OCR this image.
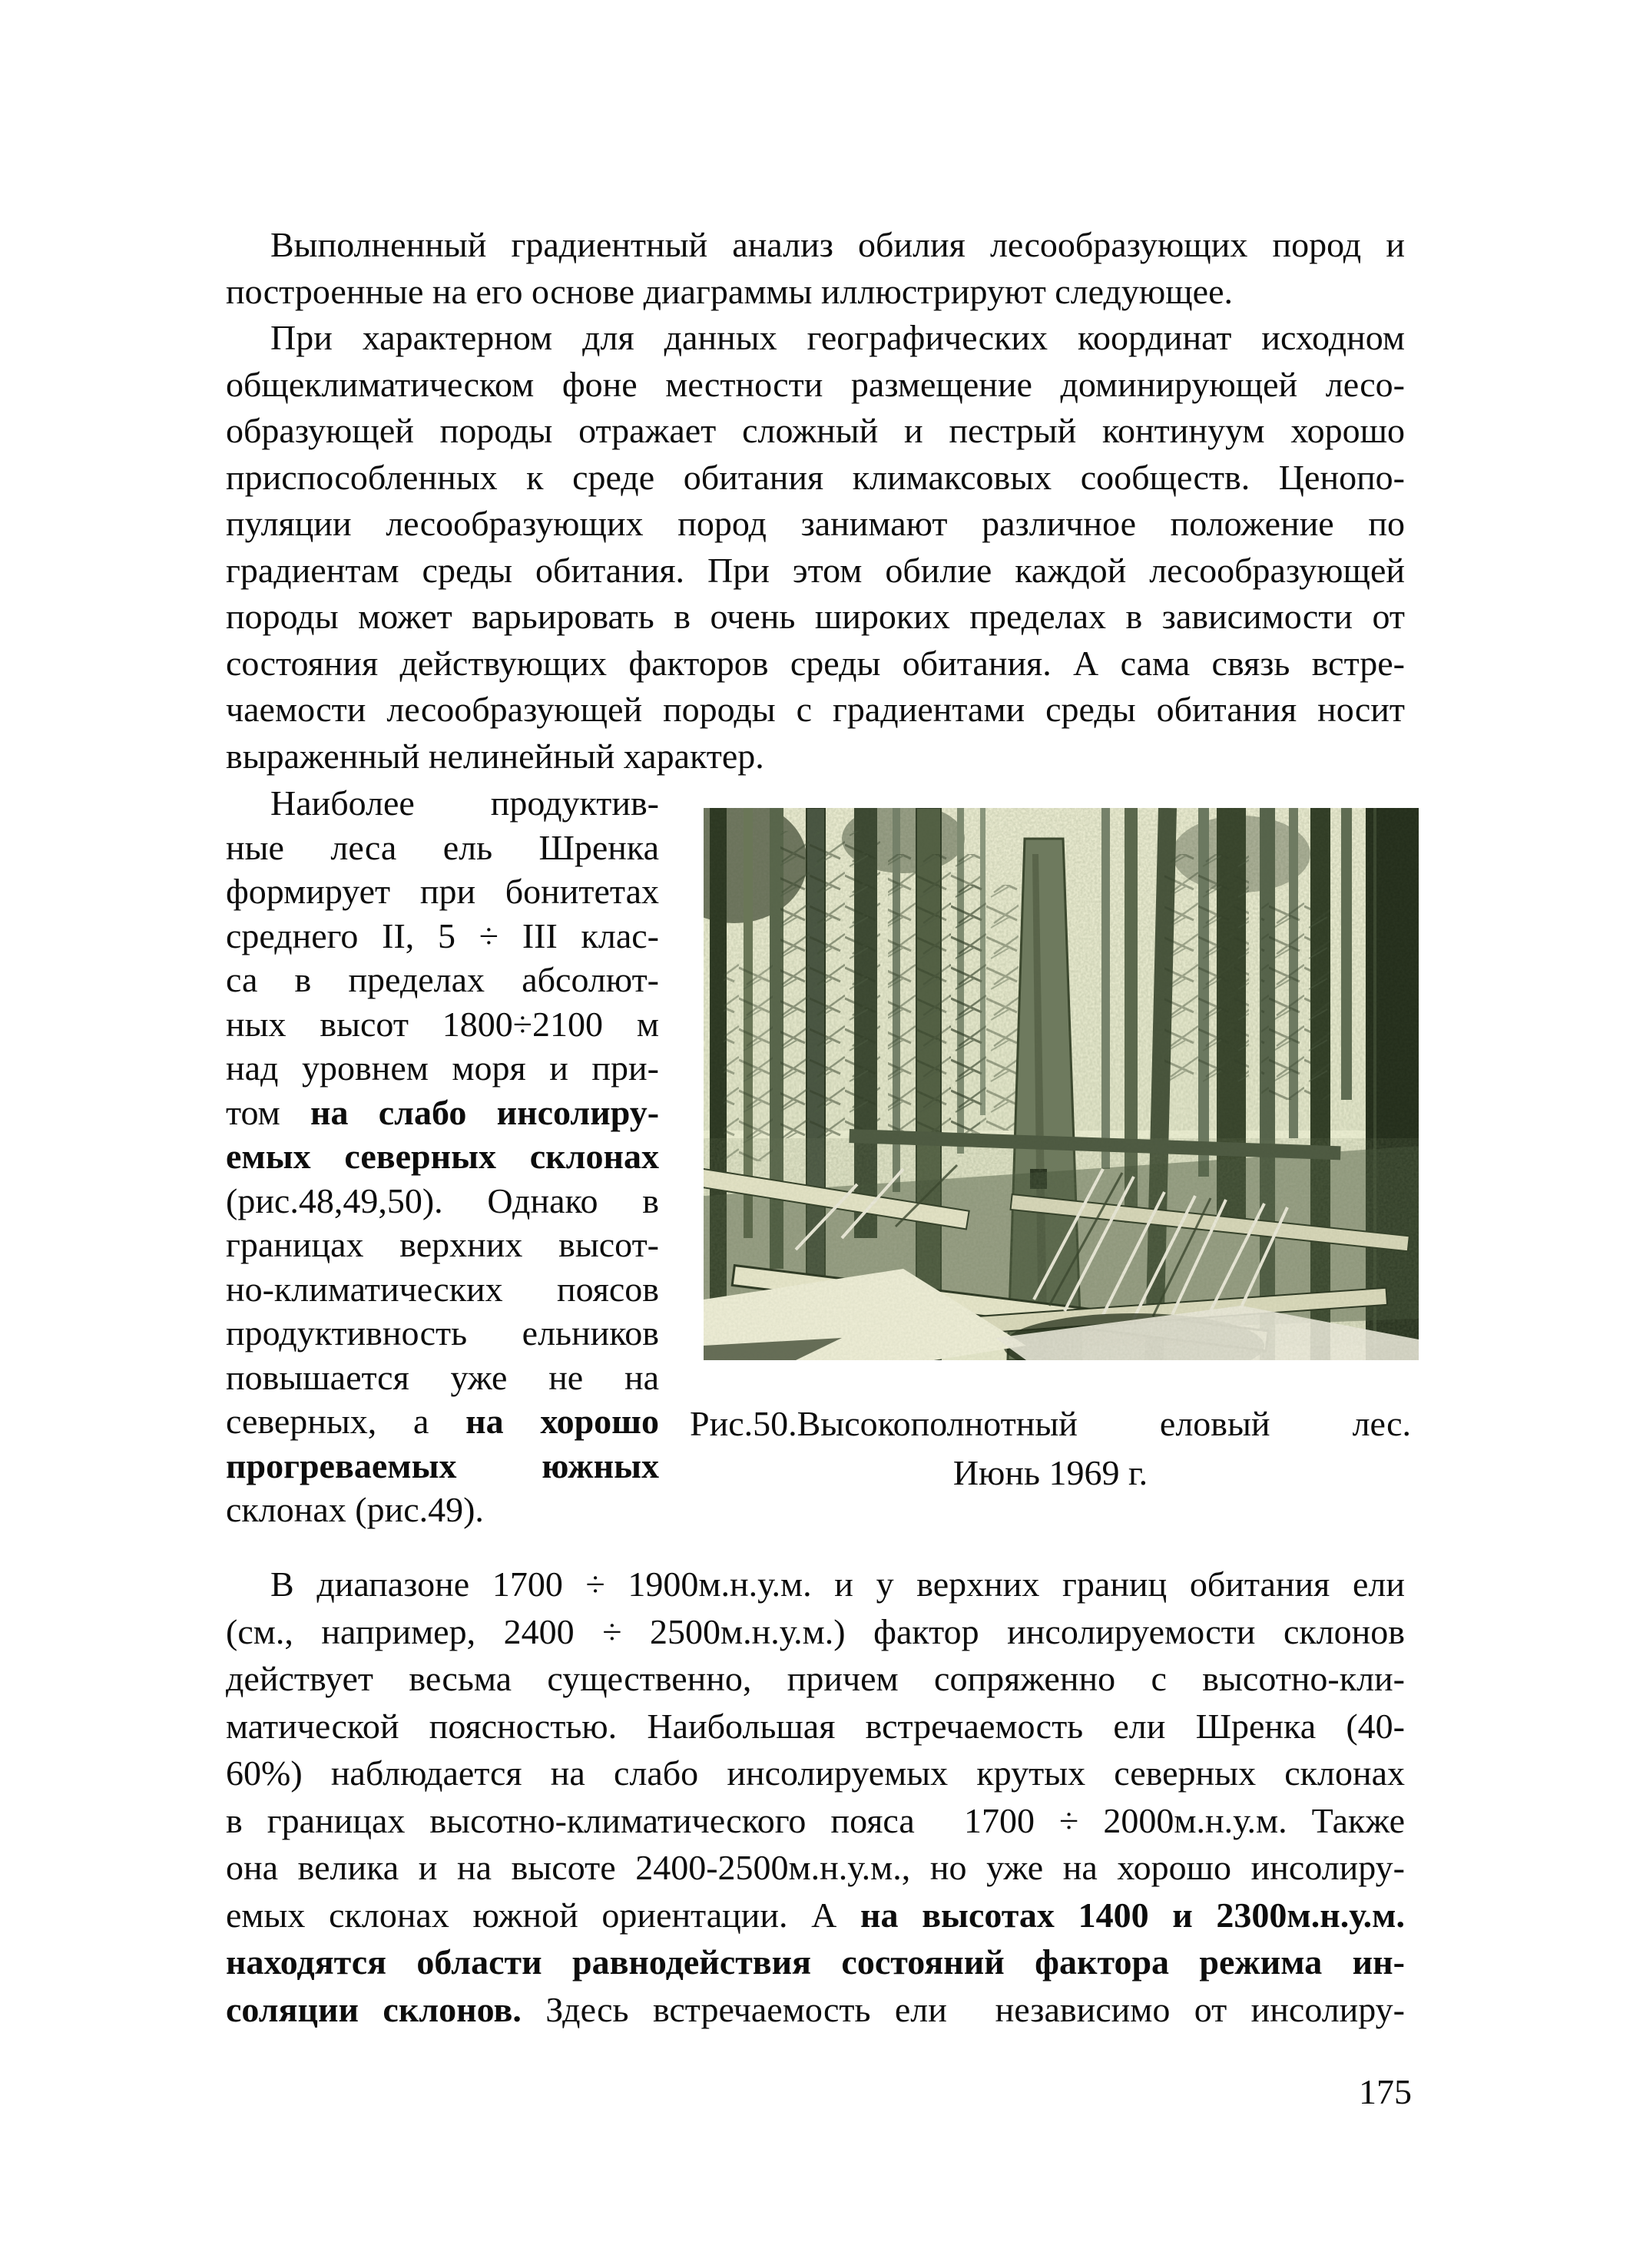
Выполненный градиентный анализ обилия лесообразующих пород и
построенные на его основе диаграммы иллюстрируют следующее.
При характерном для данных географических координат исходном
общеклиматическом фоне местности размещение доминирующей лесо-
образующей породы отражает сложный и пестрый континуум хорошо
приспособленных к среде обитания климаксовых сообществ. Ценопо-
пуляции лесообразующих пород занимают различное положение по
градиентам среды обитания. При этом обилие каждой лесообразующей
породы может варьировать в очень широких пределах в зависимости от
состояния действующих факторов среды обитания. А сама связь встре-
чаемости лесообразующей породы с градиентами среды обитания носит
выраженный нелинейный характер.
Наиболее продуктив-
ные леса ель Шренка
формирует при бонитетах
среднего II, 5 ÷ III клас-
са в пределах абсолют-
ных высот 1800÷2100 м
над уровнем моря и при-
том на слабо инсолиру-
емых северных склонах
(рис.48,49,50). Однако в
границах верхних высот-
но-климатических поясов
продуктивность ельников
повышается уже не на
северных, а на хорошо
прогреваемых южных
склонах (рис.49).
Рис.50.Высокополнотный еловый лес.
Июнь 1969 г.
В диапазоне 1700 ÷ 1900м.н.у.м. и у верхних границ обитания ели
(см., например, 2400 ÷ 2500м.н.у.м.) фактор инсолируемости склонов
действует весьма существенно, причем сопряженно с высотно-кли-
матической поясностью. Наибольшая встречаемость ели Шренка (40-
60%) наблюдается на слабо инсолируемых крутых северных склонах
в границах высотно-климатического пояса  1700 ÷ 2000м.н.у.м. Также
она велика и на высоте 2400-2500м.н.у.м., но уже на хорошо инсолиру-
емых склонах южной ориентации. А на высотах 1400 и 2300м.н.у.м.
находятся области равнодействия состояний фактора режима ин-
соляции склонов. Здесь встречаемость ели  независимо от инсолиру-
175
